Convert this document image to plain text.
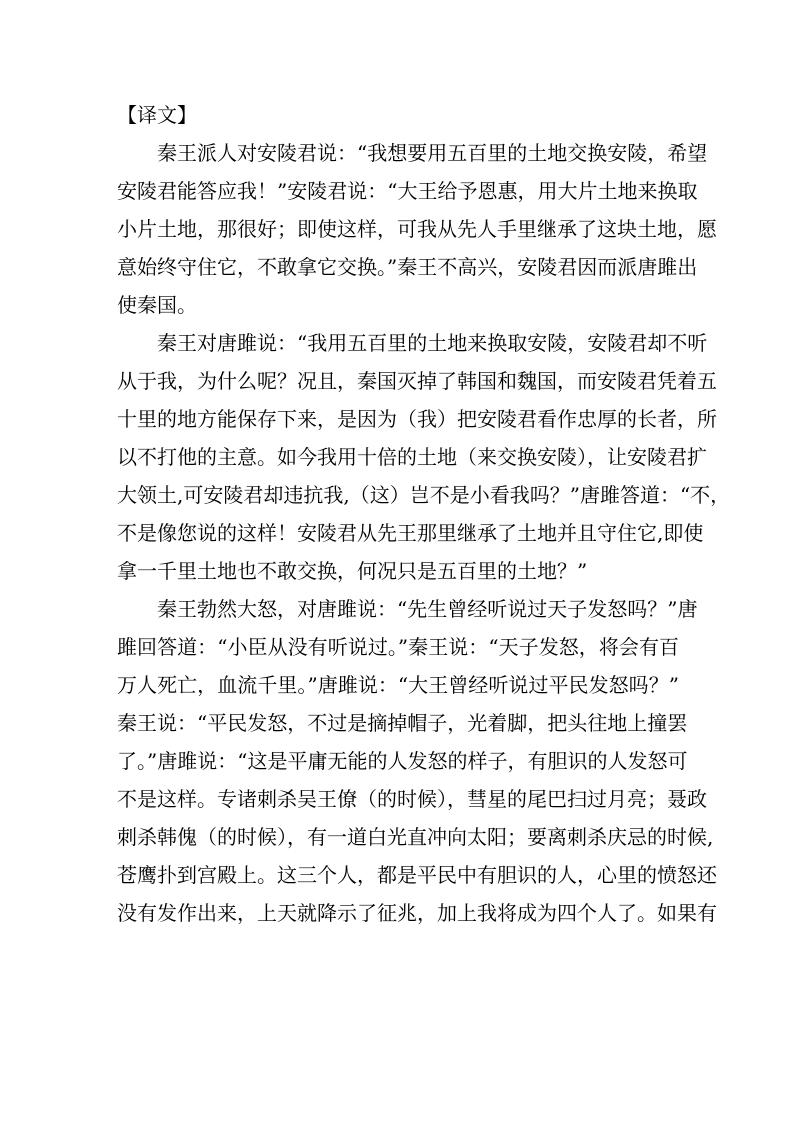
【译文】
秦王派人对安陵君说：“我想要用五百里的土地交换安陵，希望
安陵君能答应我！”安陵君说：“大王给予恩惠，用大片土地来换取
小片土地，那很好；即使这样，可我从先人手里继承了这块土地，愿
意始终守住它，不敢拿它交换。”秦王不高兴，安陵君因而派唐雎出
使秦国。
秦王对唐雎说：“我用五百里的土地来换取安陵，安陵君却不听
从于我，为什么呢？况且，秦国灭掉了韩国和魏国，而安陵君凭着五
十里的地方能保存下来，是因为（我）把安陵君看作忠厚的长者，所
以不打他的主意。如今我用十倍的土地（来交换安陵），让安陵君扩
大领土,可安陵君却违抗我,（这）岂不是小看我吗？”唐雎答道：“不，
不是像您说的这样！安陵君从先王那里继承了土地并且守住它,即使
拿一千里土地也不敢交换，何况只是五百里的土地？”
秦王勃然大怒，对唐雎说：“先生曾经听说过天子发怒吗？”唐
雎回答道：“小臣从没有听说过。”秦王说：“天子发怒，将会有百
万人死亡，血流千里。”唐雎说：“大王曾经听说过平民发怒吗？”
秦王说：“平民发怒，不过是摘掉帽子，光着脚，把头往地上撞罢
了。”唐雎说：“这是平庸无能的人发怒的样子，有胆识的人发怒可
不是这样。专诸刺杀吴王僚（的时候），彗星的尾巴扫过月亮；聂政
刺杀韩傀（的时候），有一道白光直冲向太阳；要离刺杀庆忌的时候,
苍鹰扑到宫殿上。这三个人，都是平民中有胆识的人，心里的愤怒还
没有发作出来，上天就降示了征兆，加上我将成为四个人了。如果有
